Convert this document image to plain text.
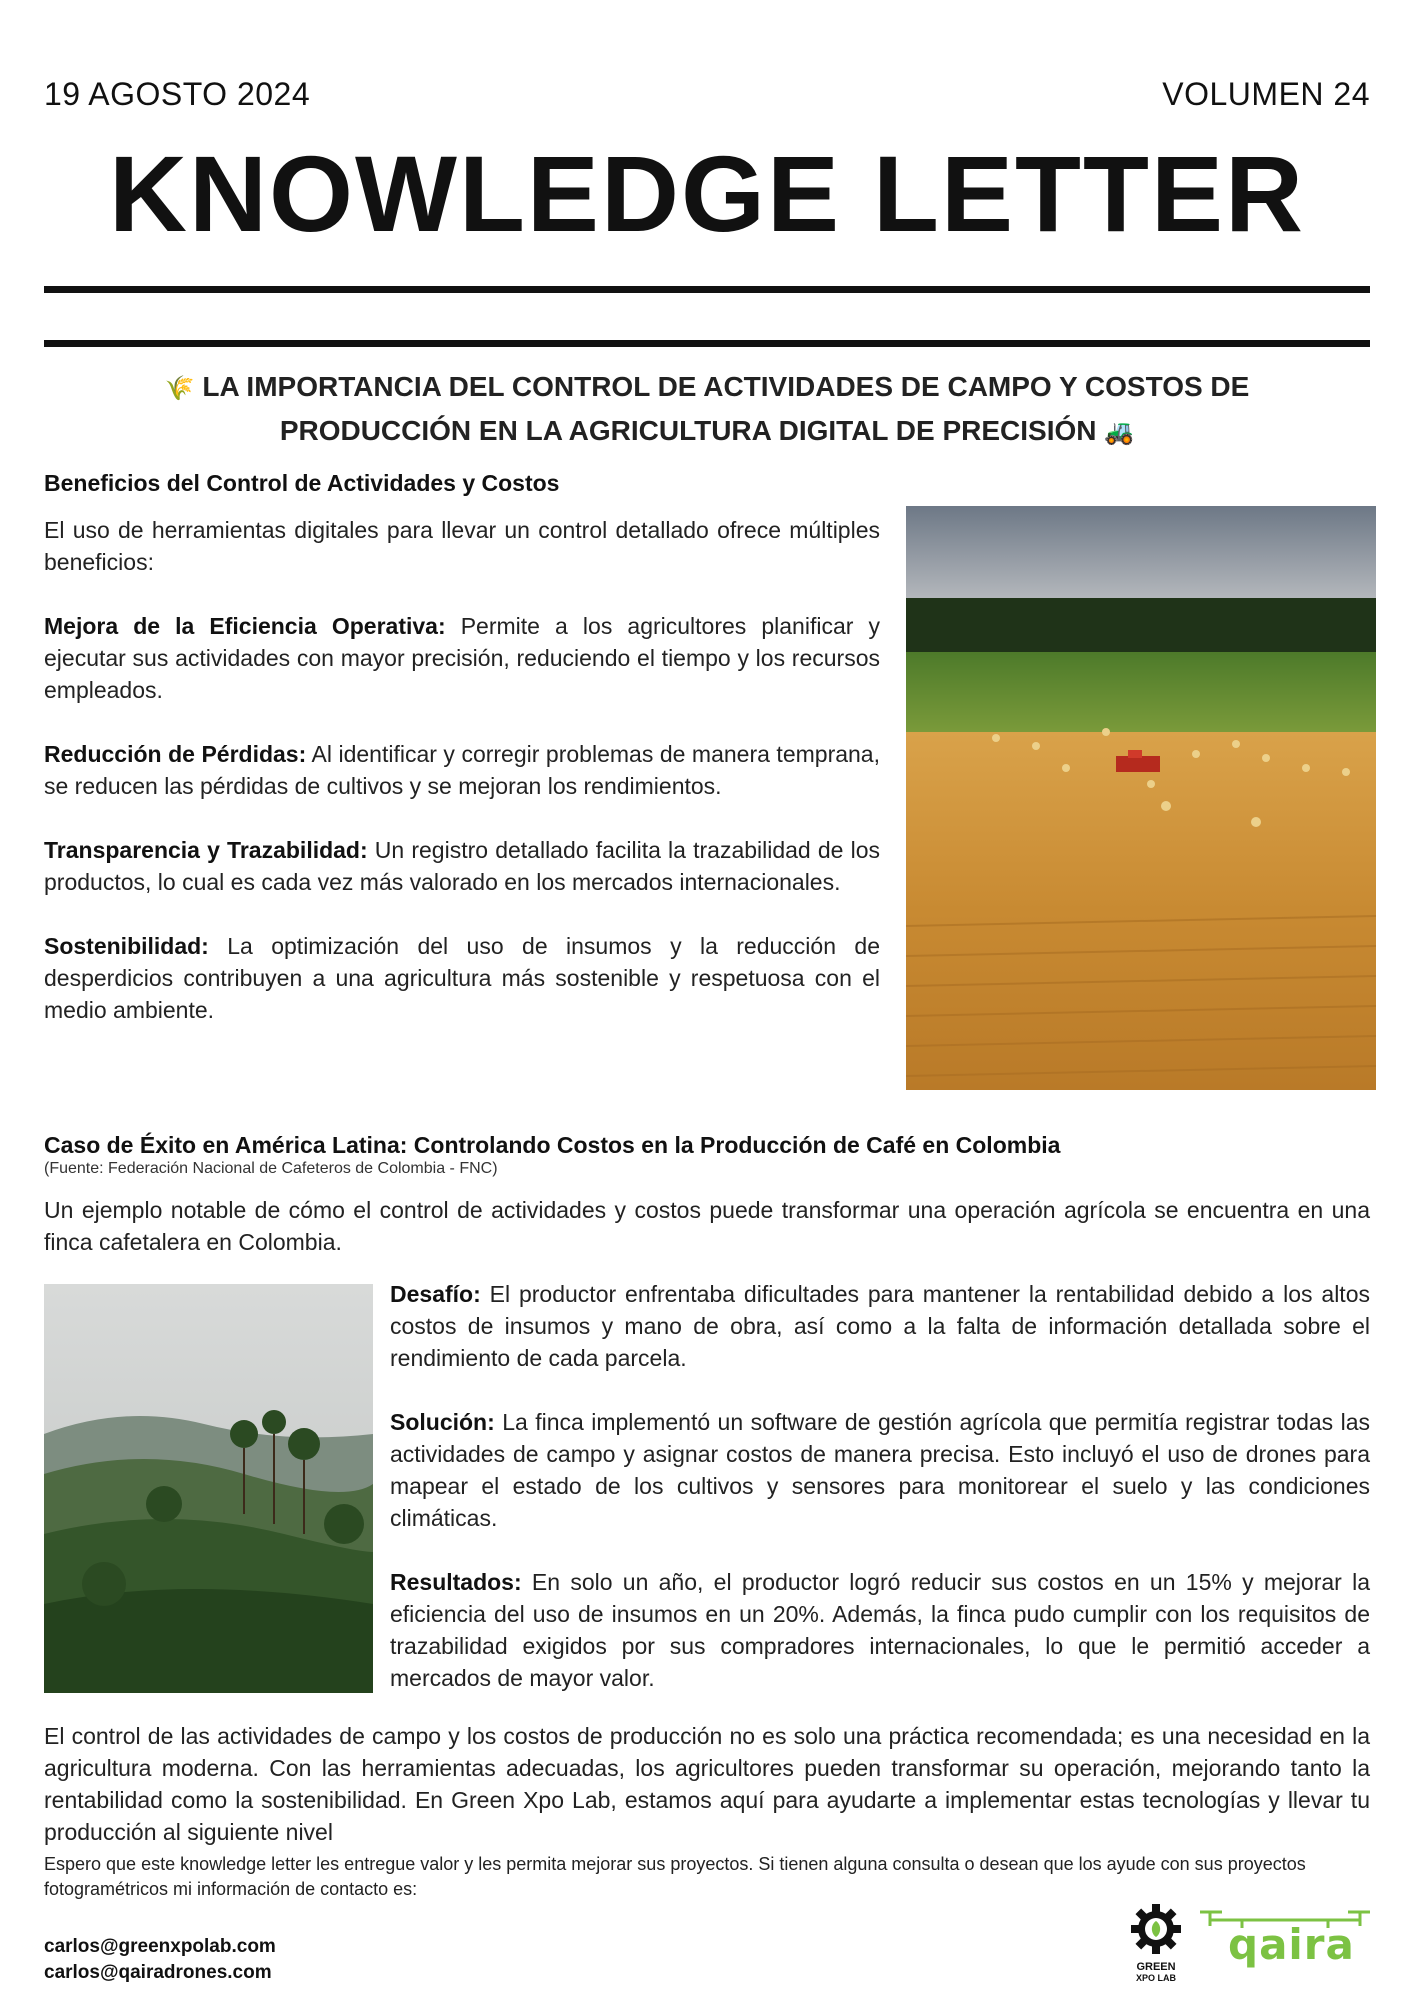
19 AGOSTO 2024	VOLUMEN 24
KNOWLEDGE LETTER
🌾 LA IMPORTANCIA DEL CONTROL DE ACTIVIDADES DE CAMPO Y COSTOS DE
PRODUCCIÓN EN LA AGRICULTURA DIGITAL DE PRECISIÓN 🚜
Beneficios del Control de Actividades y Costos

El uso de herramientas digitales para llevar un control detallado ofrece múltiples beneficios:

Mejora de la Eficiencia Operativa: Permite a los agricultores planificar y ejecutar sus actividades con mayor precisión, reduciendo el tiempo y los recursos empleados.

Reducción de Pérdidas: Al identificar y corregir problemas de manera temprana, se reducen las pérdidas de cultivos y se mejoran los rendimientos.

Transparencia y Trazabilidad: Un registro detallado facilita la trazabilidad de los productos, lo cual es cada vez más valorado en los mercados internacionales.

Sostenibilidad: La optimización del uso de insumos y la reducción de desperdicios contribuyen a una agricultura más sostenible y respetuosa con el medio ambiente.

Caso de Éxito en América Latina: Controlando Costos en la Producción de Café en Colombia
(Fuente: Federación Nacional de Cafeteros de Colombia - FNC)

Un ejemplo notable de cómo el control de actividades y costos puede transformar una operación agrícola se encuentra en una finca cafetalera en Colombia.

Desafío: El productor enfrentaba dificultades para mantener la rentabilidad debido a los altos costos de insumos y mano de obra, así como a la falta de información detallada sobre el rendimiento de cada parcela.

Solución: La finca implementó un software de gestión agrícola que permitía registrar todas las actividades de campo y asignar costos de manera precisa. Esto incluyó el uso de drones para mapear el estado de los cultivos y sensores para monitorear el suelo y las condiciones climáticas.

Resultados: En solo un año, el productor logró reducir sus costos en un 15% y mejorar la eficiencia del uso de insumos en un 20%. Además, la finca pudo cumplir con los requisitos de trazabilidad exigidos por sus compradores internacionales, lo que le permitió acceder a mercados de mayor valor.

El control de las actividades de campo y los costos de producción no es solo una práctica recomendada; es una necesidad en la agricultura moderna. Con las herramientas adecuadas, los agricultores pueden transformar su operación, mejorando tanto la rentabilidad como la sostenibilidad. En Green Xpo Lab, estamos aquí para ayudarte a implementar estas tecnologías y llevar tu producción al siguiente nivel

Espero que este knowledge letter les entregue valor y les permita mejorar sus proyectos. Si tienen alguna consulta o desean que los ayude con sus proyectos fotogramétricos mi información de contacto es:

carlos@greenxpolab.com
carlos@qairadrones.com	GREEN
XPO LAB
qaira
